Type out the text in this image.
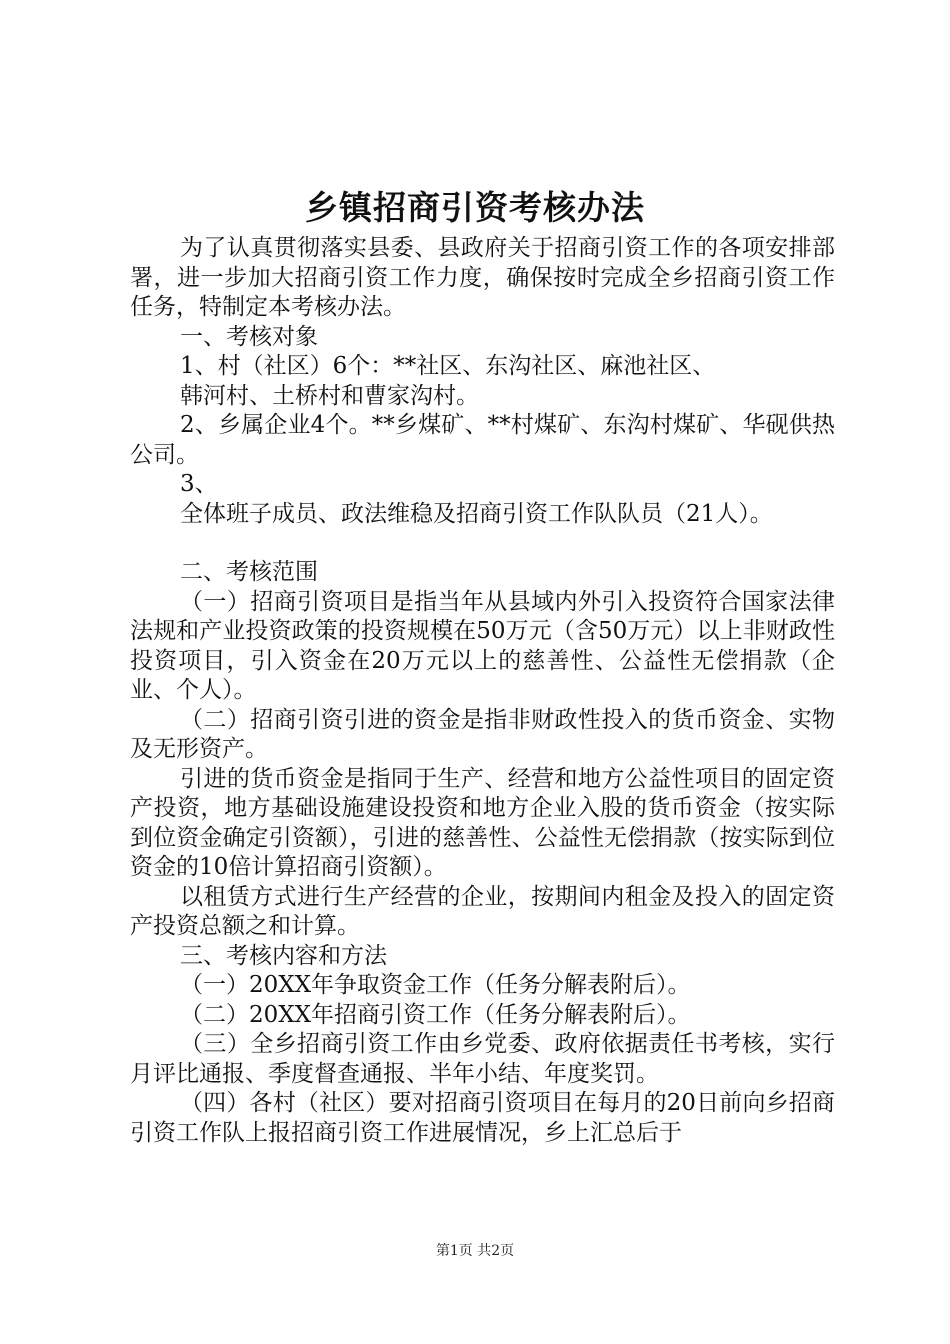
乡镇招商引资考核办法

为了认真贯彻落实县委、县政府关于招商引资工作的各项安排部署，进一步加大招商引资工作力度，确保按时完成全乡招商引资工作任务，特制定本考核办法。

一、考核对象

1、村（社区）6个：**社区、东沟社区、麻池社区、

韩河村、土桥村和曹家沟村。

2、乡属企业4个。**乡煤矿、**村煤矿、东沟村煤矿、华砚供热公司。

3、

全体班子成员、政法维稳及招商引资工作队队员（21人）。

二、考核范围

（一）招商引资项目是指当年从县域内外引入投资符合国家法律法规和产业投资政策的投资规模在50万元（含50万元）以上非财政性投资项目，引入资金在20万元以上的慈善性、公益性无偿捐款（企业、个人）。

（二）招商引资引进的资金是指非财政性投入的货币资金、实物及无形资产。

引进的货币资金是指同于生产、经营和地方公益性项目的固定资产投资，地方基础设施建设投资和地方企业入股的货币资金（按实际到位资金确定引资额），引进的慈善性、公益性无偿捐款（按实际到位资金的10倍计算招商引资额）。

以租赁方式进行生产经营的企业，按期间内租金及投入的固定资产投资总额之和计算。

三、考核内容和方法

（一）20XX年争取资金工作（任务分解表附后）。

（二）20XX年招商引资工作（任务分解表附后）。

（三）全乡招商引资工作由乡党委、政府依据责任书考核，实行月评比通报、季度督查通报、半年小结、年度奖罚。

（四）各村（社区）要对招商引资项目在每月的20日前向乡招商引资工作队上报招商引资工作进展情况，乡上汇总后于

第1页 共2页
